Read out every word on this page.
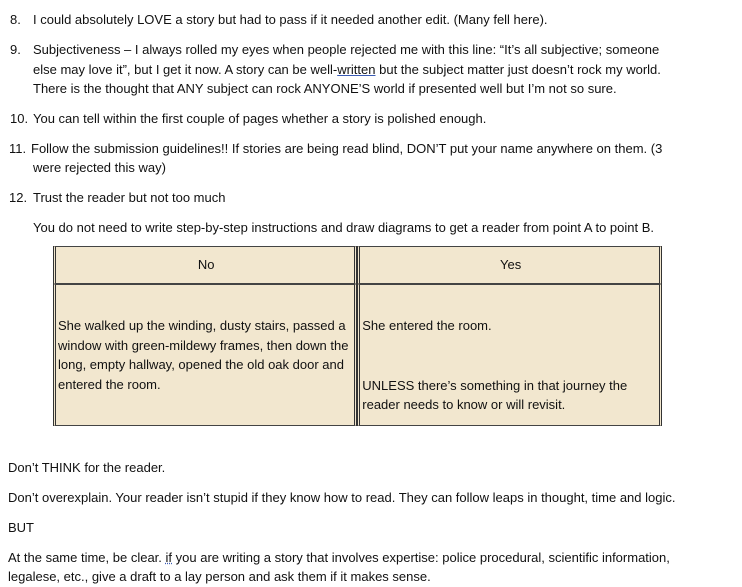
8. I could absolutely LOVE a story but had to pass if it needed another edit. (Many fell here).
9. Subjectiveness – I always rolled my eyes when people rejected me with this line: “It’s all subjective; someone
else may love it”, but I get it now. A story can be well-written but the subject matter just doesn’t rock my world.
There is the thought that ANY subject can rock ANYONE’S world if presented well but I’m not so sure.
10. You can tell within the first couple of pages whether a story is polished enough.
11. Follow the submission guidelines!! If stories are being read blind, DON’T put your name anywhere on them. (3
were rejected this way)
12. Trust the reader but not too much
You do not need to write step-by-step instructions and draw diagrams to get a reader from point A to point B.
No	Yes

She walked up the winding, dusty stairs, passed a window with green-mildewy frames, then down the long, empty hallway, opened the old oak door and entered the room.	She entered the room.
UNLESS there’s something in that journey the reader needs to know or will revisit.
Don’t THINK for the reader.
Don’t overexplain. Your reader isn’t stupid if they know how to read. They can follow leaps in thought, time and logic.
BUT
At the same time, be clear. if you are writing a story that involves expertise: police procedural, scientific information,
legalese, etc., give a draft to a lay person and ask them if it makes sense.
